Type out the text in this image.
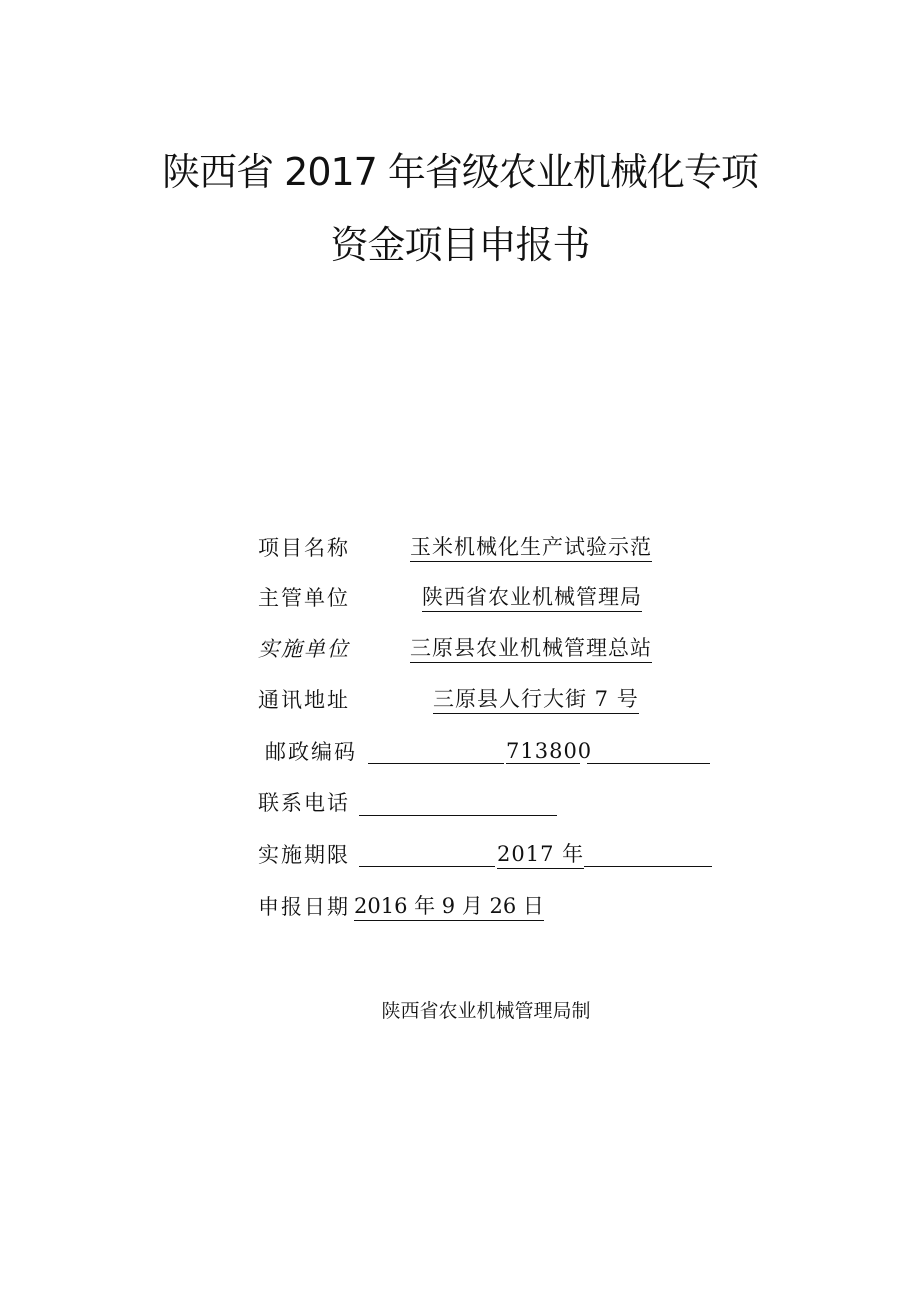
陕西省 2017 年省级农业机械化专项
资金项目申报书
项目名称	玉米机械化生产试验示范
主管单位	陕西省农业机械管理局
实施单位	三原县农业机械管理总站
通讯地址	三原县人行大街 7 号
邮政编码	713800
联系电话
实施期限	2017 年
申报日期 2016 年 9 月 26 日
陕西省农业机械管理局制
